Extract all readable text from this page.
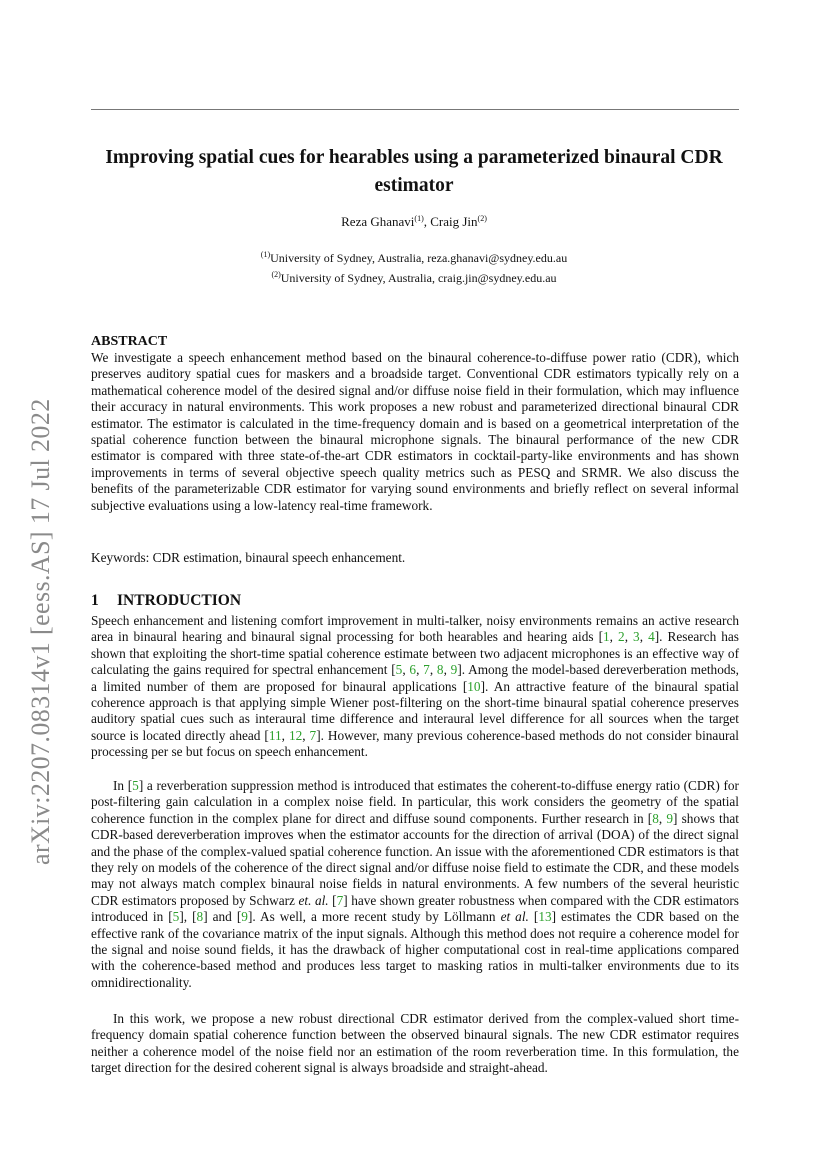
arXiv:2207.08314v1 [eess.AS] 17 Jul 2022
Improving spatial cues for hearables using a parameterized binaural CDR estimator
Reza Ghanavi$^{(1)}$, Craig Jin$^{(2)}$
$^{(1)}$University of Sydney, Australia, reza.ghanavi@sydney.edu.au
$^{(2)}$University of Sydney, Australia, craig.jin@sydney.edu.au
ABSTRACT

We investigate a speech enhancement method based on the binaural coherence-to-diffuse power ratio (CDR), which preserves auditory spatial cues for maskers and a broadside target. Conventional CDR estimators typically rely on a mathematical coherence model of the desired signal and/or diffuse noise field in their formulation, which may influence their accuracy in natural environments. This work proposes a new robust and parameterized directional binaural CDR estimator. The estimator is calculated in the time-frequency domain and is based on a geometrical interpretation of the spatial coherence function between the binaural microphone signals. The binaural performance of the new CDR estimator is compared with three state-of-the-art CDR estimators in cocktail-party-like environments and has shown improvements in terms of several objective speech quality metrics such as PESQ and SRMR. We also discuss the benefits of the parameterizable CDR estimator for varying sound environments and briefly reflect on several informal subjective evaluations using a low-latency real-time framework.

Keywords: CDR estimation, binaural speech enhancement.

1 INTRODUCTION

Speech enhancement and listening comfort improvement in multi-talker, noisy environments remains an active research area in binaural hearing and binaural signal processing for both hearables and hearing aids [1, 2, 3, 4]. Research has shown that exploiting the short-time spatial coherence estimate between two adjacent microphones is an effective way of calculating the gains required for spectral enhancement [5, 6, 7, 8, 9]. Among the model-based dereverberation methods, a limited number of them are proposed for binaural applications [10]. An attractive feature of the binaural spatial coherence approach is that applying simple Wiener post-filtering on the short-time binaural spatial coherence preserves auditory spatial cues such as interaural time difference and interaural level difference for all sources when the target source is located directly ahead [11, 12, 7]. However, many previous coherence-based methods do not consider binaural processing per se but focus on speech enhancement.

In [5] a reverberation suppression method is introduced that estimates the coherent-to-diffuse energy ratio (CDR) for post-filtering gain calculation in a complex noise field. In particular, this work considers the geometry of the spatial coherence function in the complex plane for direct and diffuse sound components. Further research in [8, 9] shows that CDR-based dereverberation improves when the estimator accounts for the direction of arrival (DOA) of the direct signal and the phase of the complex-valued spatial coherence function. An issue with the aforementioned CDR estimators is that they rely on models of the coherence of the direct signal and/or diffuse noise field to estimate the CDR, and these models may not always match complex binaural noise fields in natural environments. A few numbers of the several heuristic CDR estimators proposed by Schwarz et. al. [7] have shown greater robustness when compared with the CDR estimators introduced in [5], [8] and [9]. As well, a more recent study by Löllmann et al. [13] estimates the CDR based on the effective rank of the covariance matrix of the input signals. Although this method does not require a coherence model for the signal and noise sound fields, it has the drawback of higher computational cost in real-time applications compared with the coherence-based method and produces less target to masking ratios in multi-talker environments due to its omnidirectionality.

In this work, we propose a new robust directional CDR estimator derived from the complex-valued short time-frequency domain spatial coherence function between the observed binaural signals. The new CDR estimator requires neither a coherence model of the noise field nor an estimation of the room reverberation time. In this formulation, the target direction for the desired coherent signal is always broadside and straight-ahead.
